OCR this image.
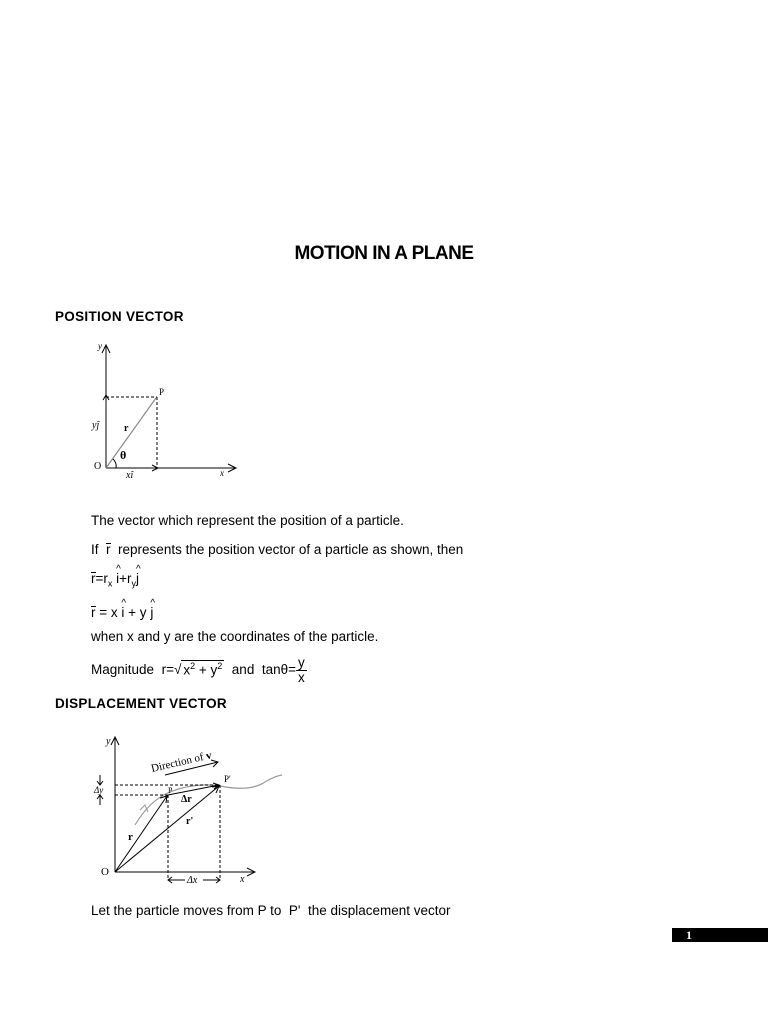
MOTION IN A PLANE
POSITION VECTOR
y
x
P
r
O
yĵ
xî
θ
The vector which represent the position of a particle.
If r represents the position vector of a particle as shown, then
$r=r_x$ ^ $i+r_y\^{}$ j
r = x ^ i + y ^ j
when x and y are the coordinates of the particle.
Magnitude r=√ $x^2 + y^2$ and $\tan\theta= \frac{y}{x}$
DISPLACEMENT VECTOR
y
x
O
Direction of v
P
P′
Δr
r'
r
Δy
Δx
Let the particle moves from P to P' the displacement vector
1
